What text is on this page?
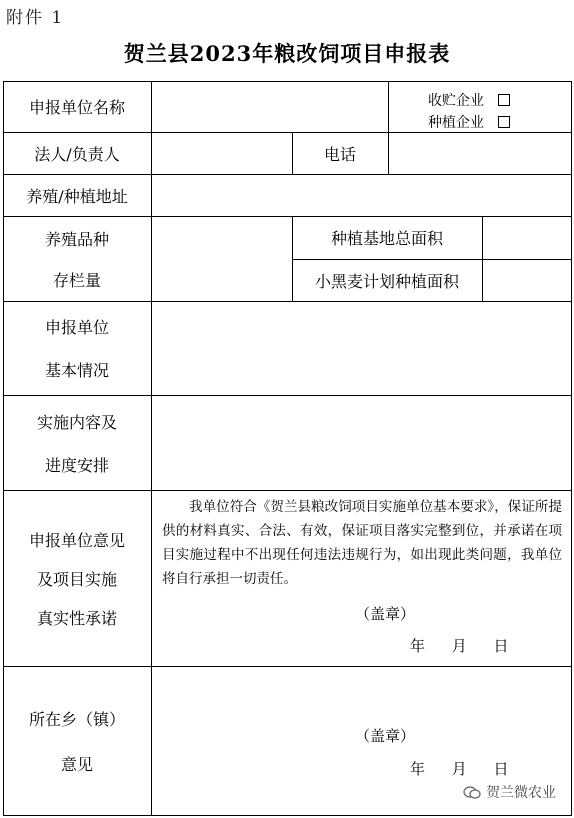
附件 1
贺兰县2023年粮改饲项目申报表
申报单位名称	收贮企业
种植企业
法人/负责人	电话
养殖/种植地址
养殖品种
存栏量
种植基地总面积
小黑麦计划种植面积
申报单位
基本情况
实施内容及
进度安排
申报单位意见
及项目实施
真实性承诺
我单位符合《贺兰县粮改饲项目实施单位基本要求》，保证所提供的材料真实、合法、有效，保证项目落实完整到位，并承诺在项目实施过程中不出现任何违法违规行为，如出现此类问题，我单位将自行承担一切责任。
（盖章）
年 月 日
所在乡（镇）
意见
（盖章）
年 月 日
贺兰微农业
